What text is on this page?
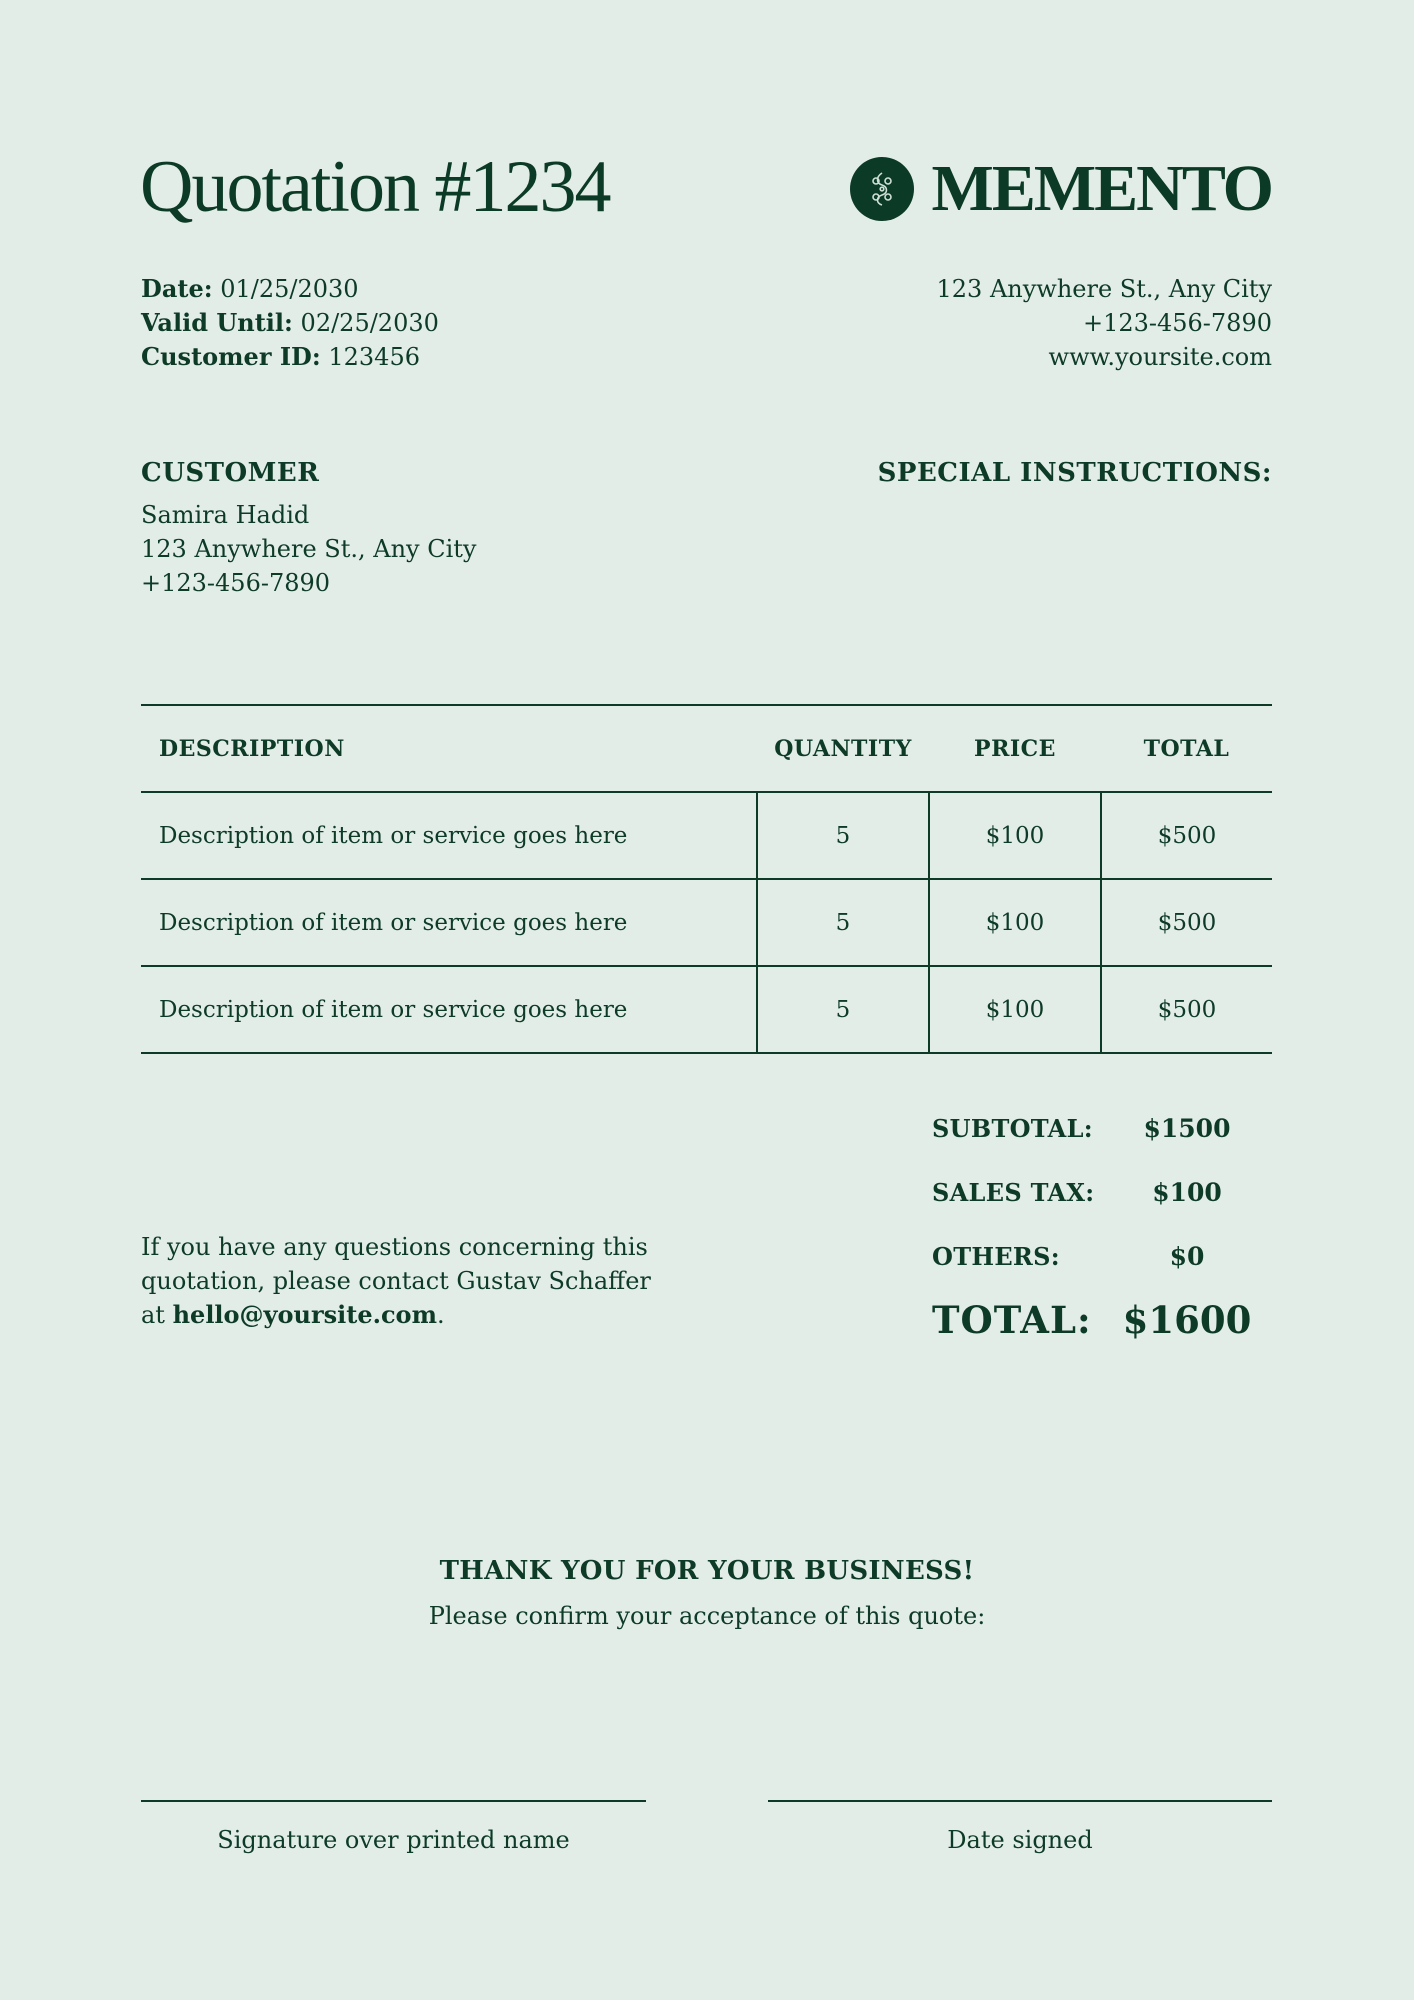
Quotation #1234	MEMENTO
Date: 01/25/2030
Valid Until: 02/25/2030
Customer ID: 123456
123 Anywhere St., Any City
+123-456-7890
www.yoursite.com
CUSTOMER
Samira Hadid
123 Anywhere St., Any City
+123-456-7890
SPECIAL INSTRUCTIONS:
DESCRIPTION	QUANTITY	PRICE	TOTAL
Description of item or service goes here	5	$100	$500
Description of item or service goes here	5	$100	$500
Description of item or service goes here	5	$100	$500
SUBTOTAL:	$1500
SALES TAX:	$100
OTHERS:	$0
TOTAL: $1600
If you have any questions concerning this quotation, please contact Gustav Schaffer at hello@yoursite.com.
THANK YOU FOR YOUR BUSINESS!
Please confirm your acceptance of this quote:
Signature over printed name	Date signed
